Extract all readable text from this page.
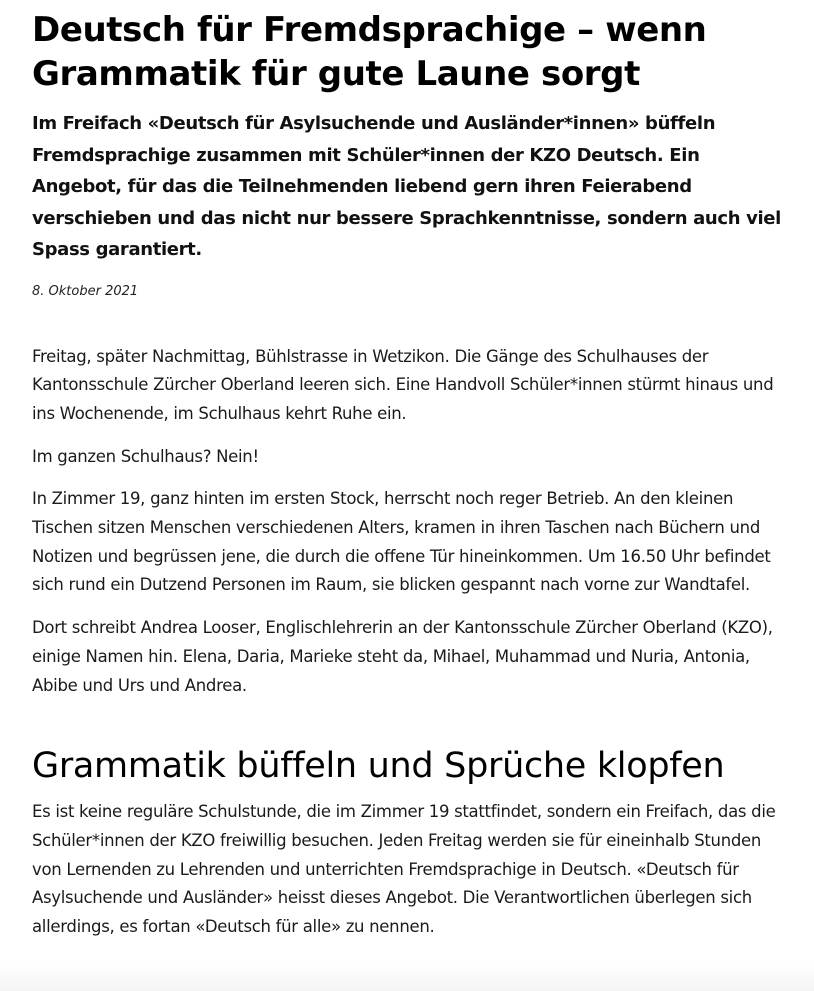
Deutsch für Fremdsprachige – wenn Grammatik für gute Laune sorgt

Im Freifach «Deutsch für Asylsuchende und Ausländer*innen» büffeln Fremdsprachige zusammen mit Schüler*innen der KZO Deutsch. Ein Angebot, für das die Teilnehmenden liebend gern ihren Feierabend verschieben und das nicht nur bessere Sprachkenntnisse, sondern auch viel Spass garantiert.

8. Oktober 2021

Freitag, später Nachmittag, Bühlstrasse in Wetzikon. Die Gänge des Schulhauses der Kantonsschule Zürcher Oberland leeren sich. Eine Handvoll Schüler*innen stürmt hinaus und ins Wochenende, im Schulhaus kehrt Ruhe ein.

Im ganzen Schulhaus? Nein!

In Zimmer 19, ganz hinten im ersten Stock, herrscht noch reger Betrieb. An den kleinen Tischen sitzen Menschen verschiedenen Alters, kramen in ihren Taschen nach Büchern und Notizen und begrüssen jene, die durch die offene Tür hineinkommen. Um 16.50 Uhr befindet sich rund ein Dutzend Personen im Raum, sie blicken gespannt nach vorne zur Wandtafel.

Dort schreibt Andrea Looser, Englischlehrerin an der Kantonsschule Zürcher Oberland (KZO), einige Namen hin. Elena, Daria, Marieke steht da, Mihael, Muhammad und Nuria, Antonia, Abibe und Urs und Andrea.

Grammatik büffeln und Sprüche klopfen

Es ist keine reguläre Schulstunde, die im Zimmer 19 stattfindet, sondern ein Freifach, das die Schüler*innen der KZO freiwillig besuchen. Jeden Freitag werden sie für eineinhalb Stunden von Lernenden zu Lehrenden und unterrichten Fremdsprachige in Deutsch. «Deutsch für Asylsuchende und Ausländer» heisst dieses Angebot. Die Verantwortlichen überlegen sich allerdings, es fortan «Deutsch für alle» zu nennen.
